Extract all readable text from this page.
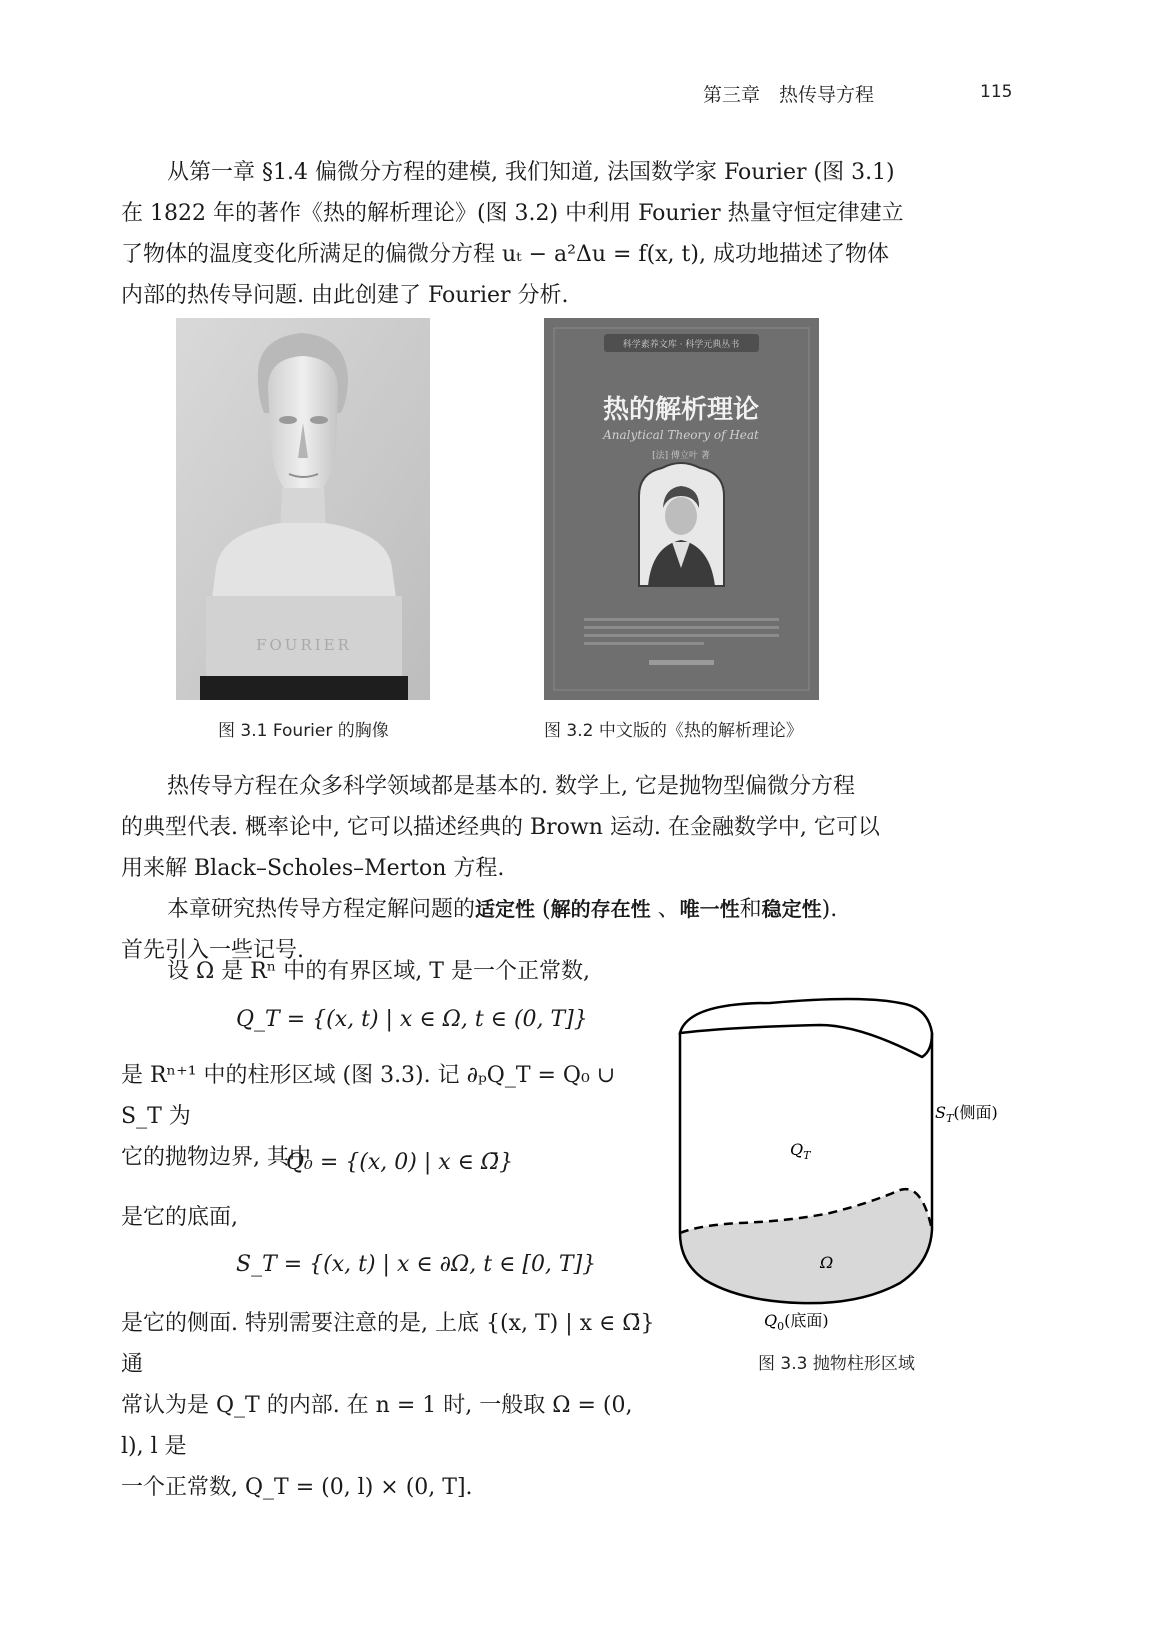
第三章　热传导方程	115

从第一章 §1.4 偏微分方程的建模, 我们知道, 法国数学家 Fourier (图 3.1)

在 1822 年的著作《热的解析理论》(图 3.2) 中利用 Fourier 热量守恒定律建立

了物体的温度变化所满足的偏微分方程 uₜ − a²Δu = f(x, t), 成功地描述了物体

内部的热传导问题. 由此创建了 Fourier 分析.

FOURIER
图 3.1 Fourier 的胸像
科学素养文库 · 科学元典丛书
热的解析理论
Analytical Theory of Heat
[法] 傅立叶 著
图 3.2 中文版的《热的解析理论》

热传导方程在众多科学领域都是基本的. 数学上, 它是抛物型偏微分方程

的典型代表. 概率论中, 它可以描述经典的 Brown 运动. 在金融数学中, 它可以

用来解 Black–Scholes–Merton 方程.

本章研究热传导方程定解问题的适定性 (解的存在性 、唯一性和稳定性).

首先引入一些记号.

设 Ω 是 Rⁿ 中的有界区域, T 是一个正常数,
Q_T = {(x, t) | x ∈ Ω, t ∈ (0, T]}

是 Rⁿ⁺¹ 中的柱形区域 (图 3.3). 记 ∂ₚQ_T = Q₀ ∪ S_T 为

它的抛物边界, 其中

Q₀ = {(x, 0) | x ∈ Ω̄}
是它的底面,
S_T = {(x, t) | x ∈ ∂Ω, t ∈ [0, T]}

是它的侧面. 特别需要注意的是, 上底 {(x, T) | x ∈ Ω̄} 通

常认为是 Q_T 的内部. 在 n = 1 时, 一般取 Ω = (0, l), l 是

一个正常数, Q_T = (0, l) × (0, T].

$S_T$(侧面)
$Q_T$
Ω
$Q_0$(底面)
图 3.3 抛物柱形区域
